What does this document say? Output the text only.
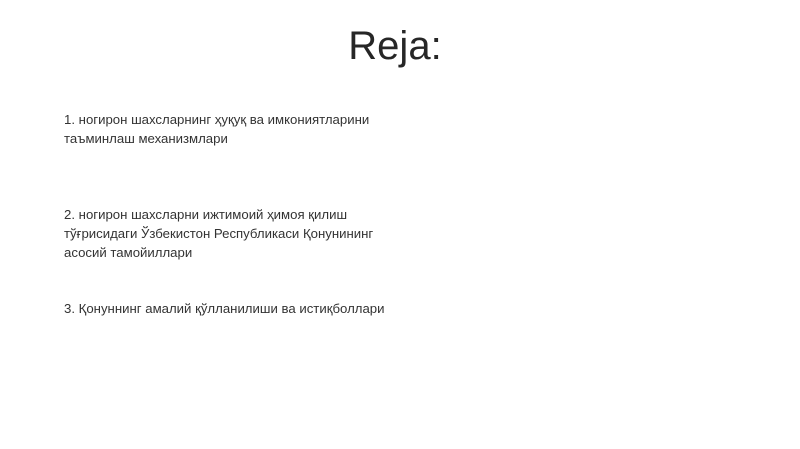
Reja:
1. ногирон шахсларнинг ҳуқуқ ва имкониятларини
таъминлаш механизмлари
2. ногирон шахсларни ижтимоий ҳимоя қилиш
тўғрисидаги Ўзбекистон Республикаси Қонунининг
асосий тамойиллари
3. Қонуннинг амалий қўлланилиши ва истиқболлари
